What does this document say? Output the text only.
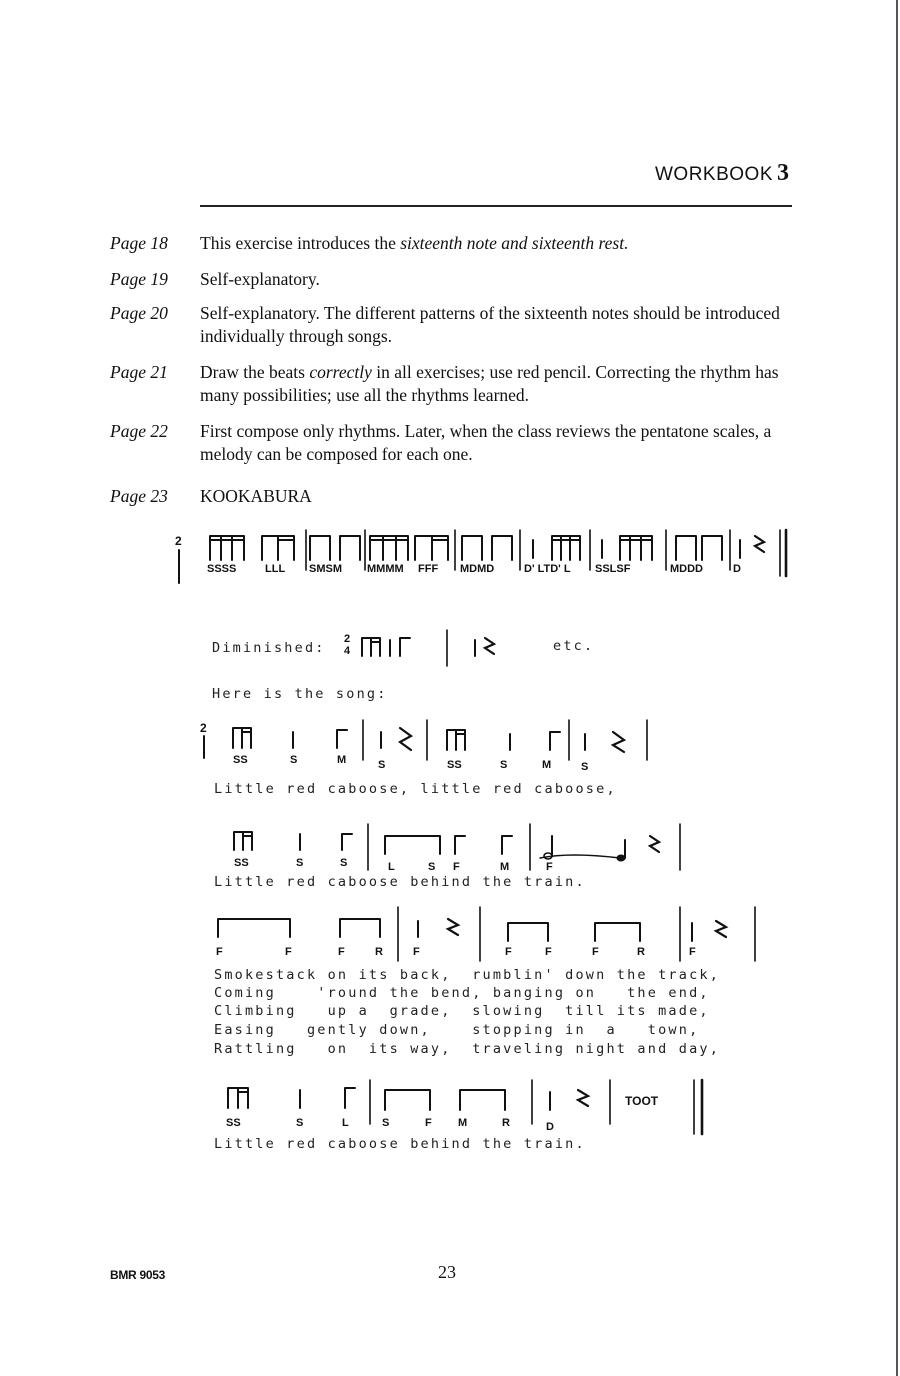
WORKBOOK 3
Page 18	This exercise introduces the sixteenth note and sixteenth rest.
Page 19	Self-explanatory.
Page 20	Self-explanatory. The different patterns of the sixteenth notes should be introduced individually through songs.
Page 21	Draw the beats correctly in all exercises; use red pencil. Correcting the rhythm has many possibilities; use all the rhythms learned.
Page 22	First compose only rhythms. Later, when the class reviews the pentatone scales, a melody can be composed for each one.
Page 23	KOOKABURA
2
SSSS	LLL SMSM MMMM FFF MDMD	D' LTD' L SSLSF	MDDD	D
Diminished:
2
4	etc.
Here is the song:
2
SS	S	M	S	SS	S	M	S
Little red caboose, little red caboose,
SS	S	S	L	S F	M	F
Little red caboose behind the train.
F	F	F	R	F	F	F	F	R	F
Smokestack on its back,  rumblin' down the track,
Coming    'round the bend, banging on   the end,
Climbing   up a  grade,  slowing  till its made,
Easing   gently down,    stopping in  a   town,
Rattling   on  its way,  traveling night and day,
TOOT
SS	S	L	S	F M	R	D
Little red caboose behind the train.
BMR 9053	23
